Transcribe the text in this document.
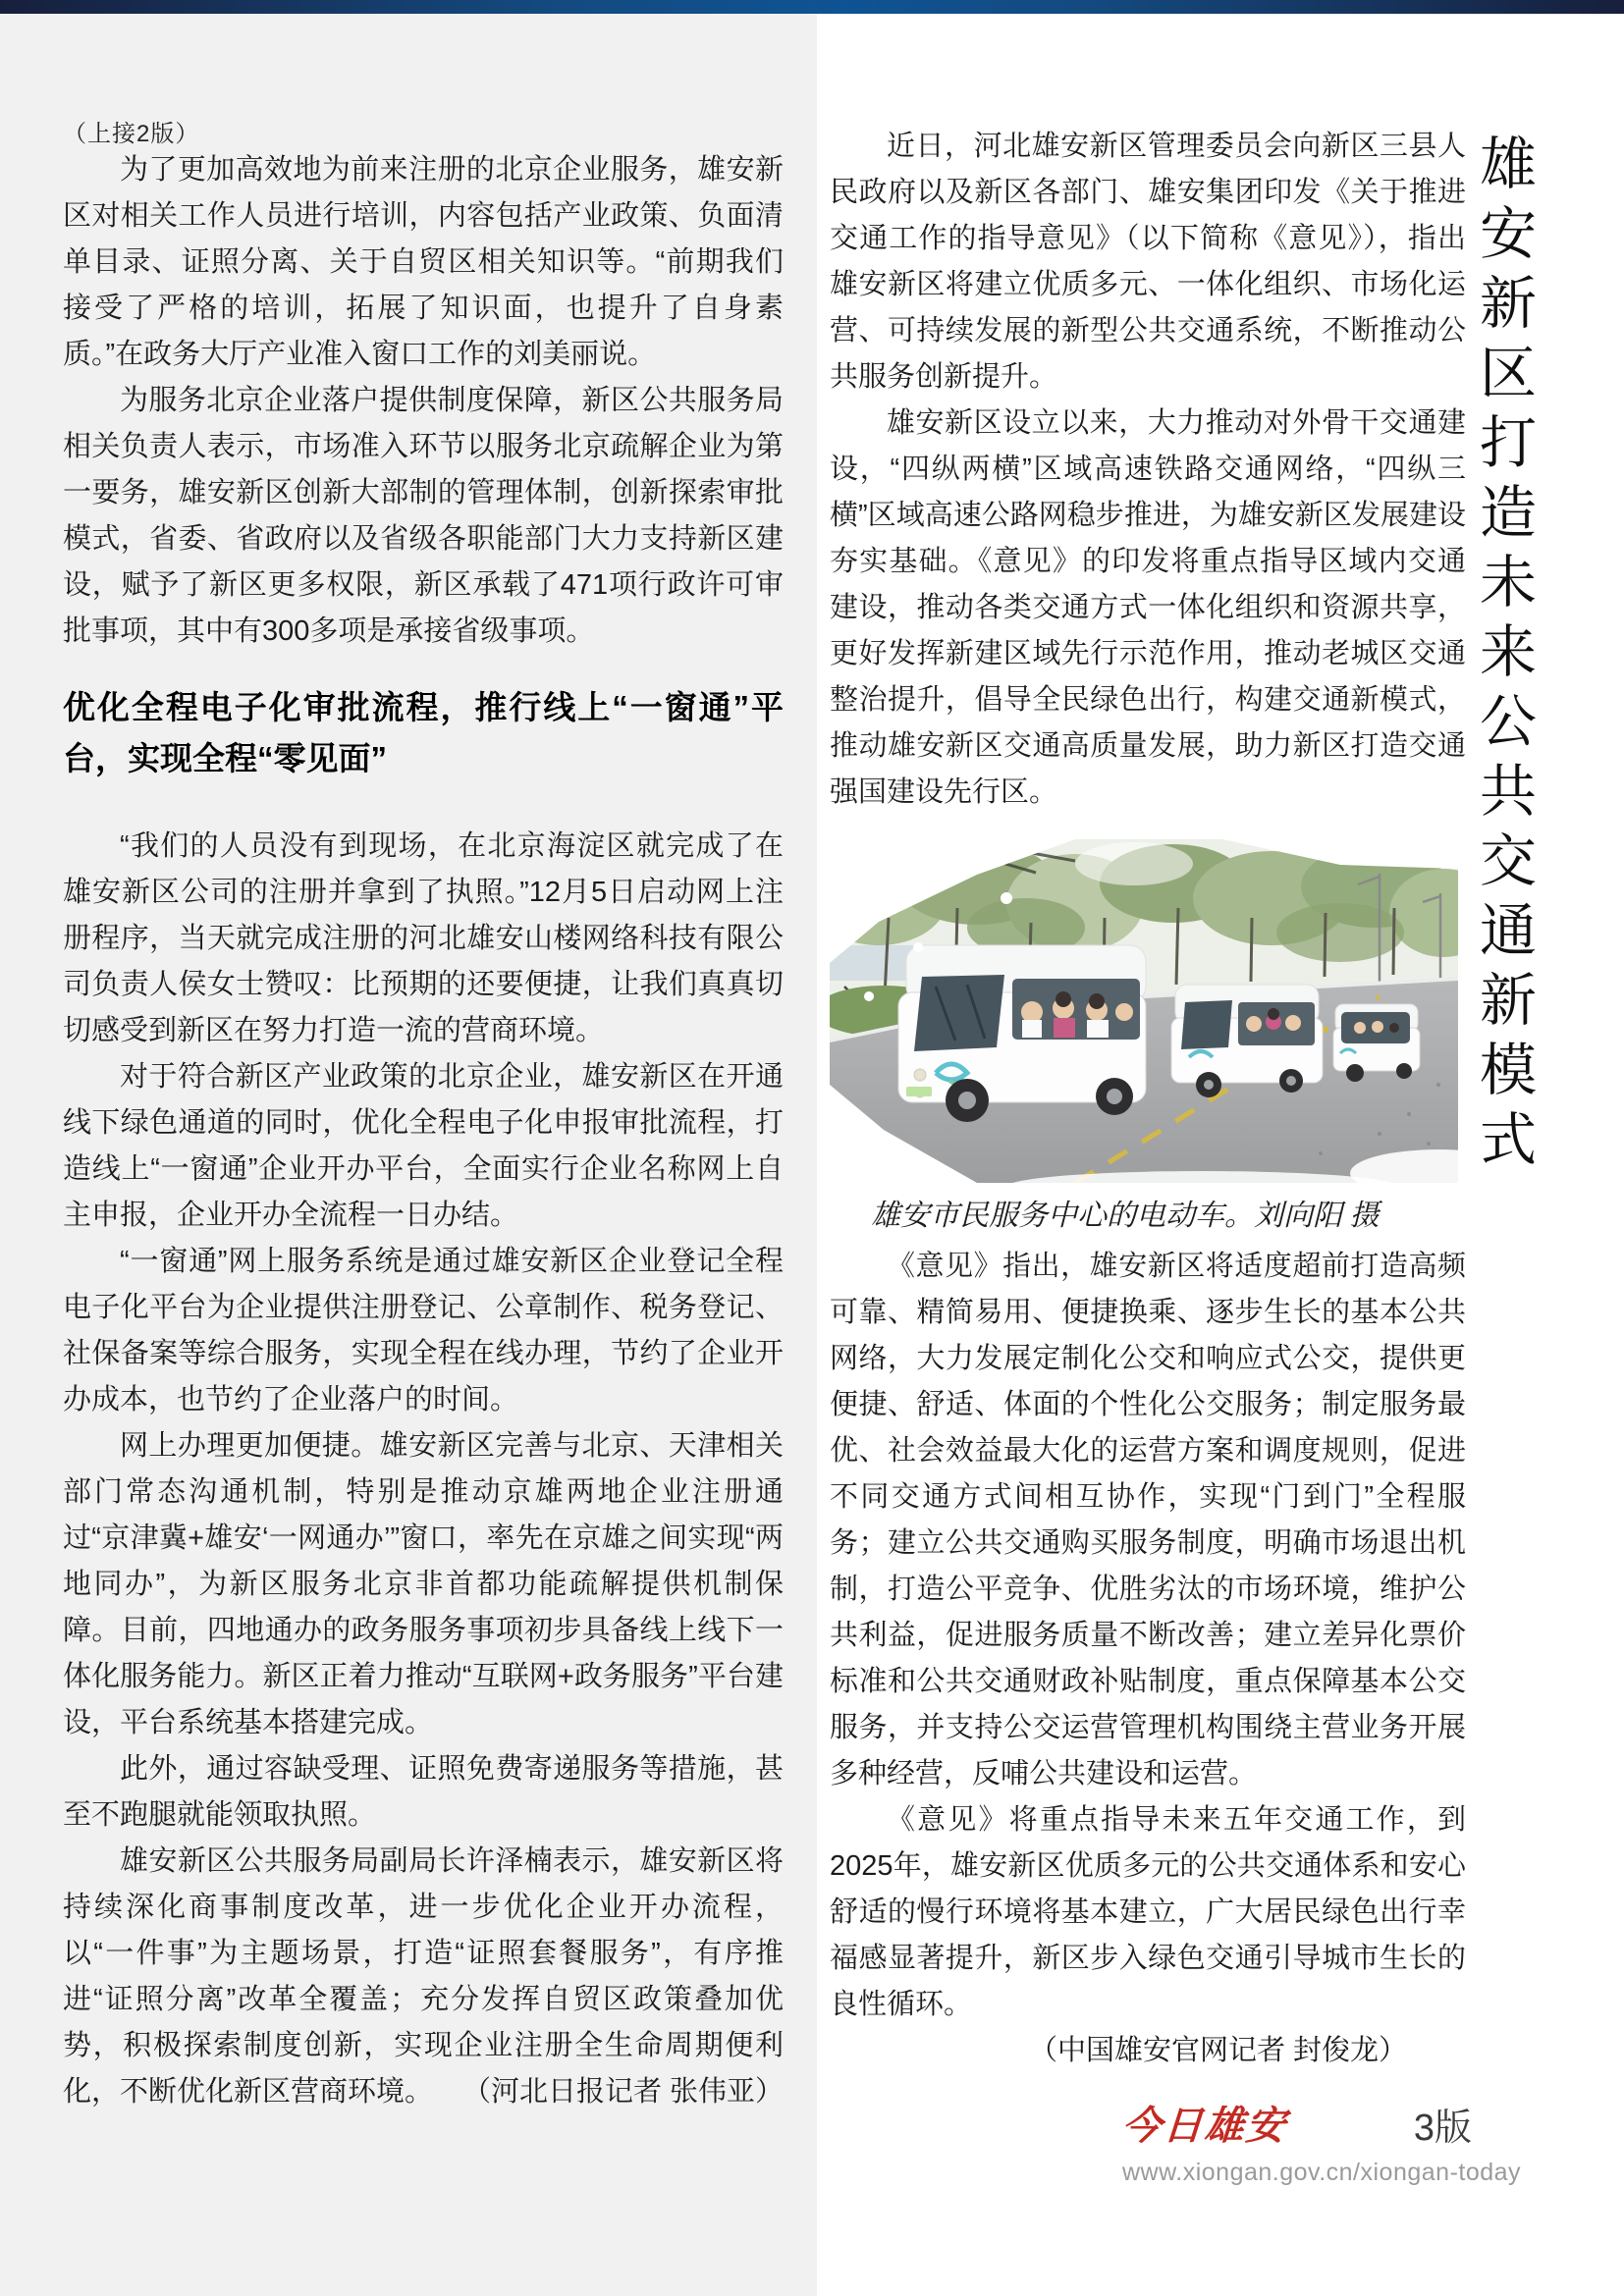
（上接2版）

为了更加高效地为前来注册的北京企业服务，雄安新区对相关工作人员进行培训，内容包括产业政策、负面清单目录、证照分离、关于自贸区相关知识等。“前期我们接受了严格的培训，拓展了知识面，也提升了自身素质。”在政务大厅产业准入窗口工作的刘美丽说。

为服务北京企业落户提供制度保障，新区公共服务局相关负责人表示，市场准入环节以服务北京疏解企业为第一要务，雄安新区创新大部制的管理体制，创新探索审批模式，省委、省政府以及省级各职能部门大力支持新区建设，赋予了新区更多权限，新区承载了471项行政许可审批事项，其中有300多项是承接省级事项。

优化全程电子化审批流程，推行线上“一窗通”平台，实现全程“零见面”

“我们的人员没有到现场，在北京海淀区就完成了在雄安新区公司的注册并拿到了执照。”12月5日启动网上注册程序，当天就完成注册的河北雄安山楼网络科技有限公司负责人侯女士赞叹：比预期的还要便捷，让我们真真切切感受到新区在努力打造一流的营商环境。

对于符合新区产业政策的北京企业，雄安新区在开通线下绿色通道的同时，优化全程电子化申报审批流程，打造线上“一窗通”企业开办平台，全面实行企业名称网上自主申报，企业开办全流程一日办结。

“一窗通”网上服务系统是通过雄安新区企业登记全程电子化平台为企业提供注册登记、公章制作、税务登记、社保备案等综合服务，实现全程在线办理，节约了企业开办成本，也节约了企业落户的时间。

网上办理更加便捷。雄安新区完善与北京、天津相关部门常态沟通机制，特别是推动京雄两地企业注册通过“京津冀+雄安‘一网通办’”窗口，率先在京雄之间实现“两地同办”，为新区服务北京非首都功能疏解提供机制保障。目前，四地通办的政务服务事项初步具备线上线下一体化服务能力。新区正着力推动“互联网+政务服务”平台建设，平台系统基本搭建完成。

此外，通过容缺受理、证照免费寄递服务等措施，甚至不跑腿就能领取执照。

雄安新区公共服务局副局长许泽楠表示，雄安新区将持续深化商事制度改革，进一步优化企业开办流程，以“一件事”为主题场景，打造“证照套餐服务”，有序推进“证照分离”改革全覆盖；充分发挥自贸区政策叠加优势，积极探索制度创新，实现企业注册全生命周期便利化，不断优化新区营商环境。 （河北日报记者 张伟亚）

近日，河北雄安新区管理委员会向新区三县人民政府以及新区各部门、雄安集团印发《关于推进交通工作的指导意见》（以下简称《意见》），指出雄安新区将建立优质多元、一体化组织、市场化运营、可持续发展的新型公共交通系统，不断推动公共服务创新提升。

雄安新区设立以来，大力推动对外骨干交通建设，“四纵两横”区域高速铁路交通网络，“四纵三横”区域高速公路网稳步推进，为雄安新区发展建设夯实基础。《意见》的印发将重点指导区域内交通建设，推动各类交通方式一体化组织和资源共享，更好发挥新建区域先行示范作用，推动老城区交通整治提升，倡导全民绿色出行，构建交通新模式，推动雄安新区交通高质量发展，助力新区打造交通强国建设先行区。

雄安市民服务中心的电动车。刘向阳 摄

《意见》指出，雄安新区将适度超前打造高频可靠、精简易用、便捷换乘、逐步生长的基本公共网络，大力发展定制化公交和响应式公交，提供更便捷、舒适、体面的个性化公交服务；制定服务最优、社会效益最大化的运营方案和调度规则，促进不同交通方式间相互协作，实现“门到门”全程服务；建立公共交通购买服务制度，明确市场退出机制，打造公平竞争、优胜劣汰的市场环境，维护公共利益，促进服务质量不断改善；建立差异化票价标准和公共交通财政补贴制度，重点保障基本公交服务，并支持公交运营管理机构围绕主营业务开展多种经营，反哺公共建设和运营。

《意见》将重点指导未来五年交通工作，到2025年，雄安新区优质多元的公共交通体系和安心舒适的慢行环境将基本建立，广大居民绿色出行幸福感显著提升，新区步入绿色交通引导城市生长的良性循环。

（中国雄安官网记者 封俊龙）
雄安新区打造未来公共交通新模式
今日雄安	3版
www.xiongan.gov.cn/xiongan-today
